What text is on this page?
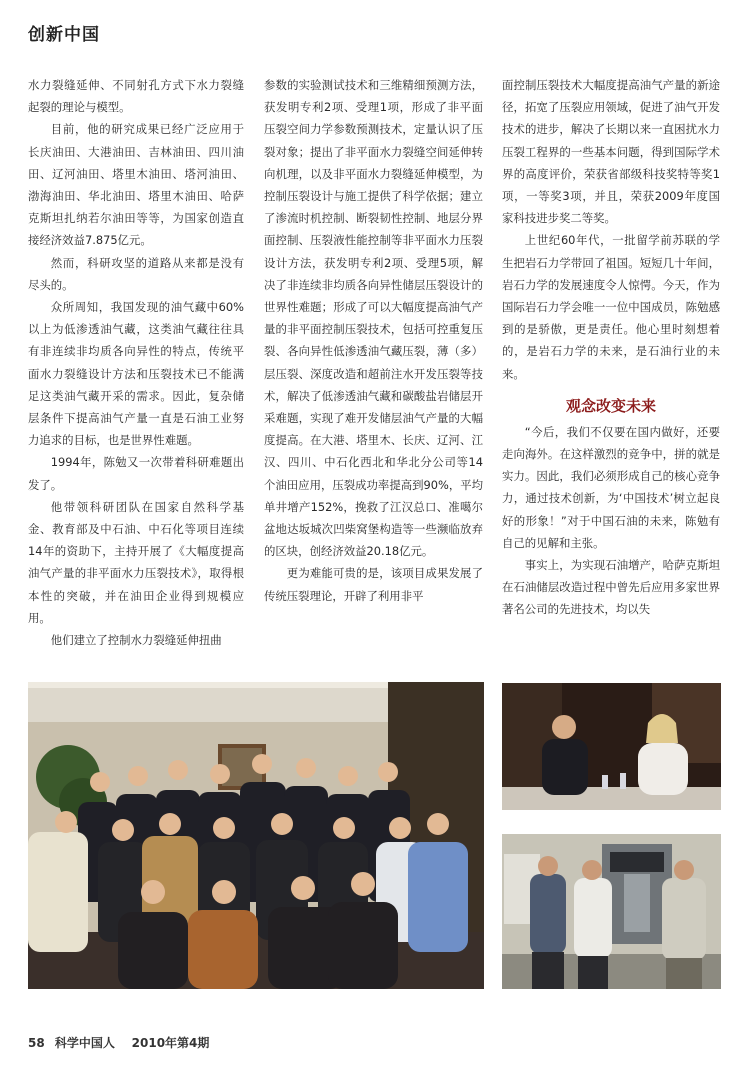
创新中国

水力裂缝延伸、不同射孔方式下水力裂缝起裂的理论与模型。

目前，他的研究成果已经广泛应用于长庆油田、大港油田、吉林油田、四川油田、辽河油田、塔里木油田、塔河油田、渤海油田、华北油田、塔里木油田、哈萨克斯坦扎纳若尔油田等等，为国家创造直接经济效益7.875亿元。

然而，科研攻坚的道路从来都是没有尽头的。

众所周知，我国发现的油气藏中60%以上为低渗透油气藏，这类油气藏往往具有非连续非均质各向异性的特点，传统平面水力裂缝设计方法和压裂技术已不能满足这类油气藏开采的需求。因此，复杂储层条件下提高油气产量一直是石油工业努力追求的目标，也是世界性难题。

1994年，陈勉又一次带着科研难题出发了。

他带领科研团队在国家自然科学基金、教育部及中石油、中石化等项目连续14年的资助下，主持开展了《大幅度提高油气产量的非平面水力压裂技术》，取得根本性的突破，并在油田企业得到规模应用。

他们建立了控制水力裂缝延伸扭曲

参数的实验测试技术和三维精细预测方法，获发明专利2项、受理1项，形成了非平面压裂空间力学参数预测技术，定量认识了压裂对象；提出了非平面水力裂缝空间延伸转向机理，以及非平面水力裂缝延伸模型，为控制压裂设计与施工提供了科学依据；建立了渗流时机控制、断裂韧性控制、地层分界面控制、压裂液性能控制等非平面水力压裂设计方法，获发明专利2项、受理5项，解决了非连续非均质各向异性储层压裂设计的世界性难题；形成了可以大幅度提高油气产量的非平面控制压裂技术，包括可控重复压裂、各向异性低渗透油气藏压裂，薄（多）层压裂、深度改造和超前注水开发压裂等技术，解决了低渗透油气藏和碳酸盐岩储层开采难题，实现了难开发储层油气产量的大幅度提高。在大港、塔里木、长庆、辽河、江汉、四川、中石化西北和华北分公司等14个油田应用，压裂成功率提高到90%，平均单井增产152%，挽救了江汉总口、准噶尔盆地达坂城次凹柴窝堡构造等一些濒临放弃的区块，创经济效益20.18亿元。

更为难能可贵的是，该项目成果发展了传统压裂理论，开辟了利用非平

面控制压裂技术大幅度提高油气产量的新途径，拓宽了压裂应用领域，促进了油气开发技术的进步，解决了长期以来一直困扰水力压裂工程界的一些基本问题，得到国际学术界的高度评价，荣获省部级科技奖特等奖1项，一等奖3项，并且，荣获2009年度国家科技进步奖二等奖。

上世纪60年代，一批留学前苏联的学生把岩石力学带回了祖国。短短几十年间，岩石力学的发展速度令人惊愕。今天，作为国际岩石力学会唯一一位中国成员，陈勉感到的是骄傲，更是责任。他心里时刻想着的，是岩石力学的未来，是石油行业的未来。

观念改变未来

“今后，我们不仅要在国内做好，还要走向海外。在这样激烈的竞争中，拼的就是实力。因此，我们必须形成自己的核心竞争力，通过技术创新，为‘中国技术’树立起良好的形象！”对于中国石油的未来，陈勉有自己的见解和主张。

事实上，为实现石油增产，哈萨克斯坦在石油储层改造过程中曾先后应用多家世界著名公司的先进技术，均以失

58 科学中国人 2010年第4期
